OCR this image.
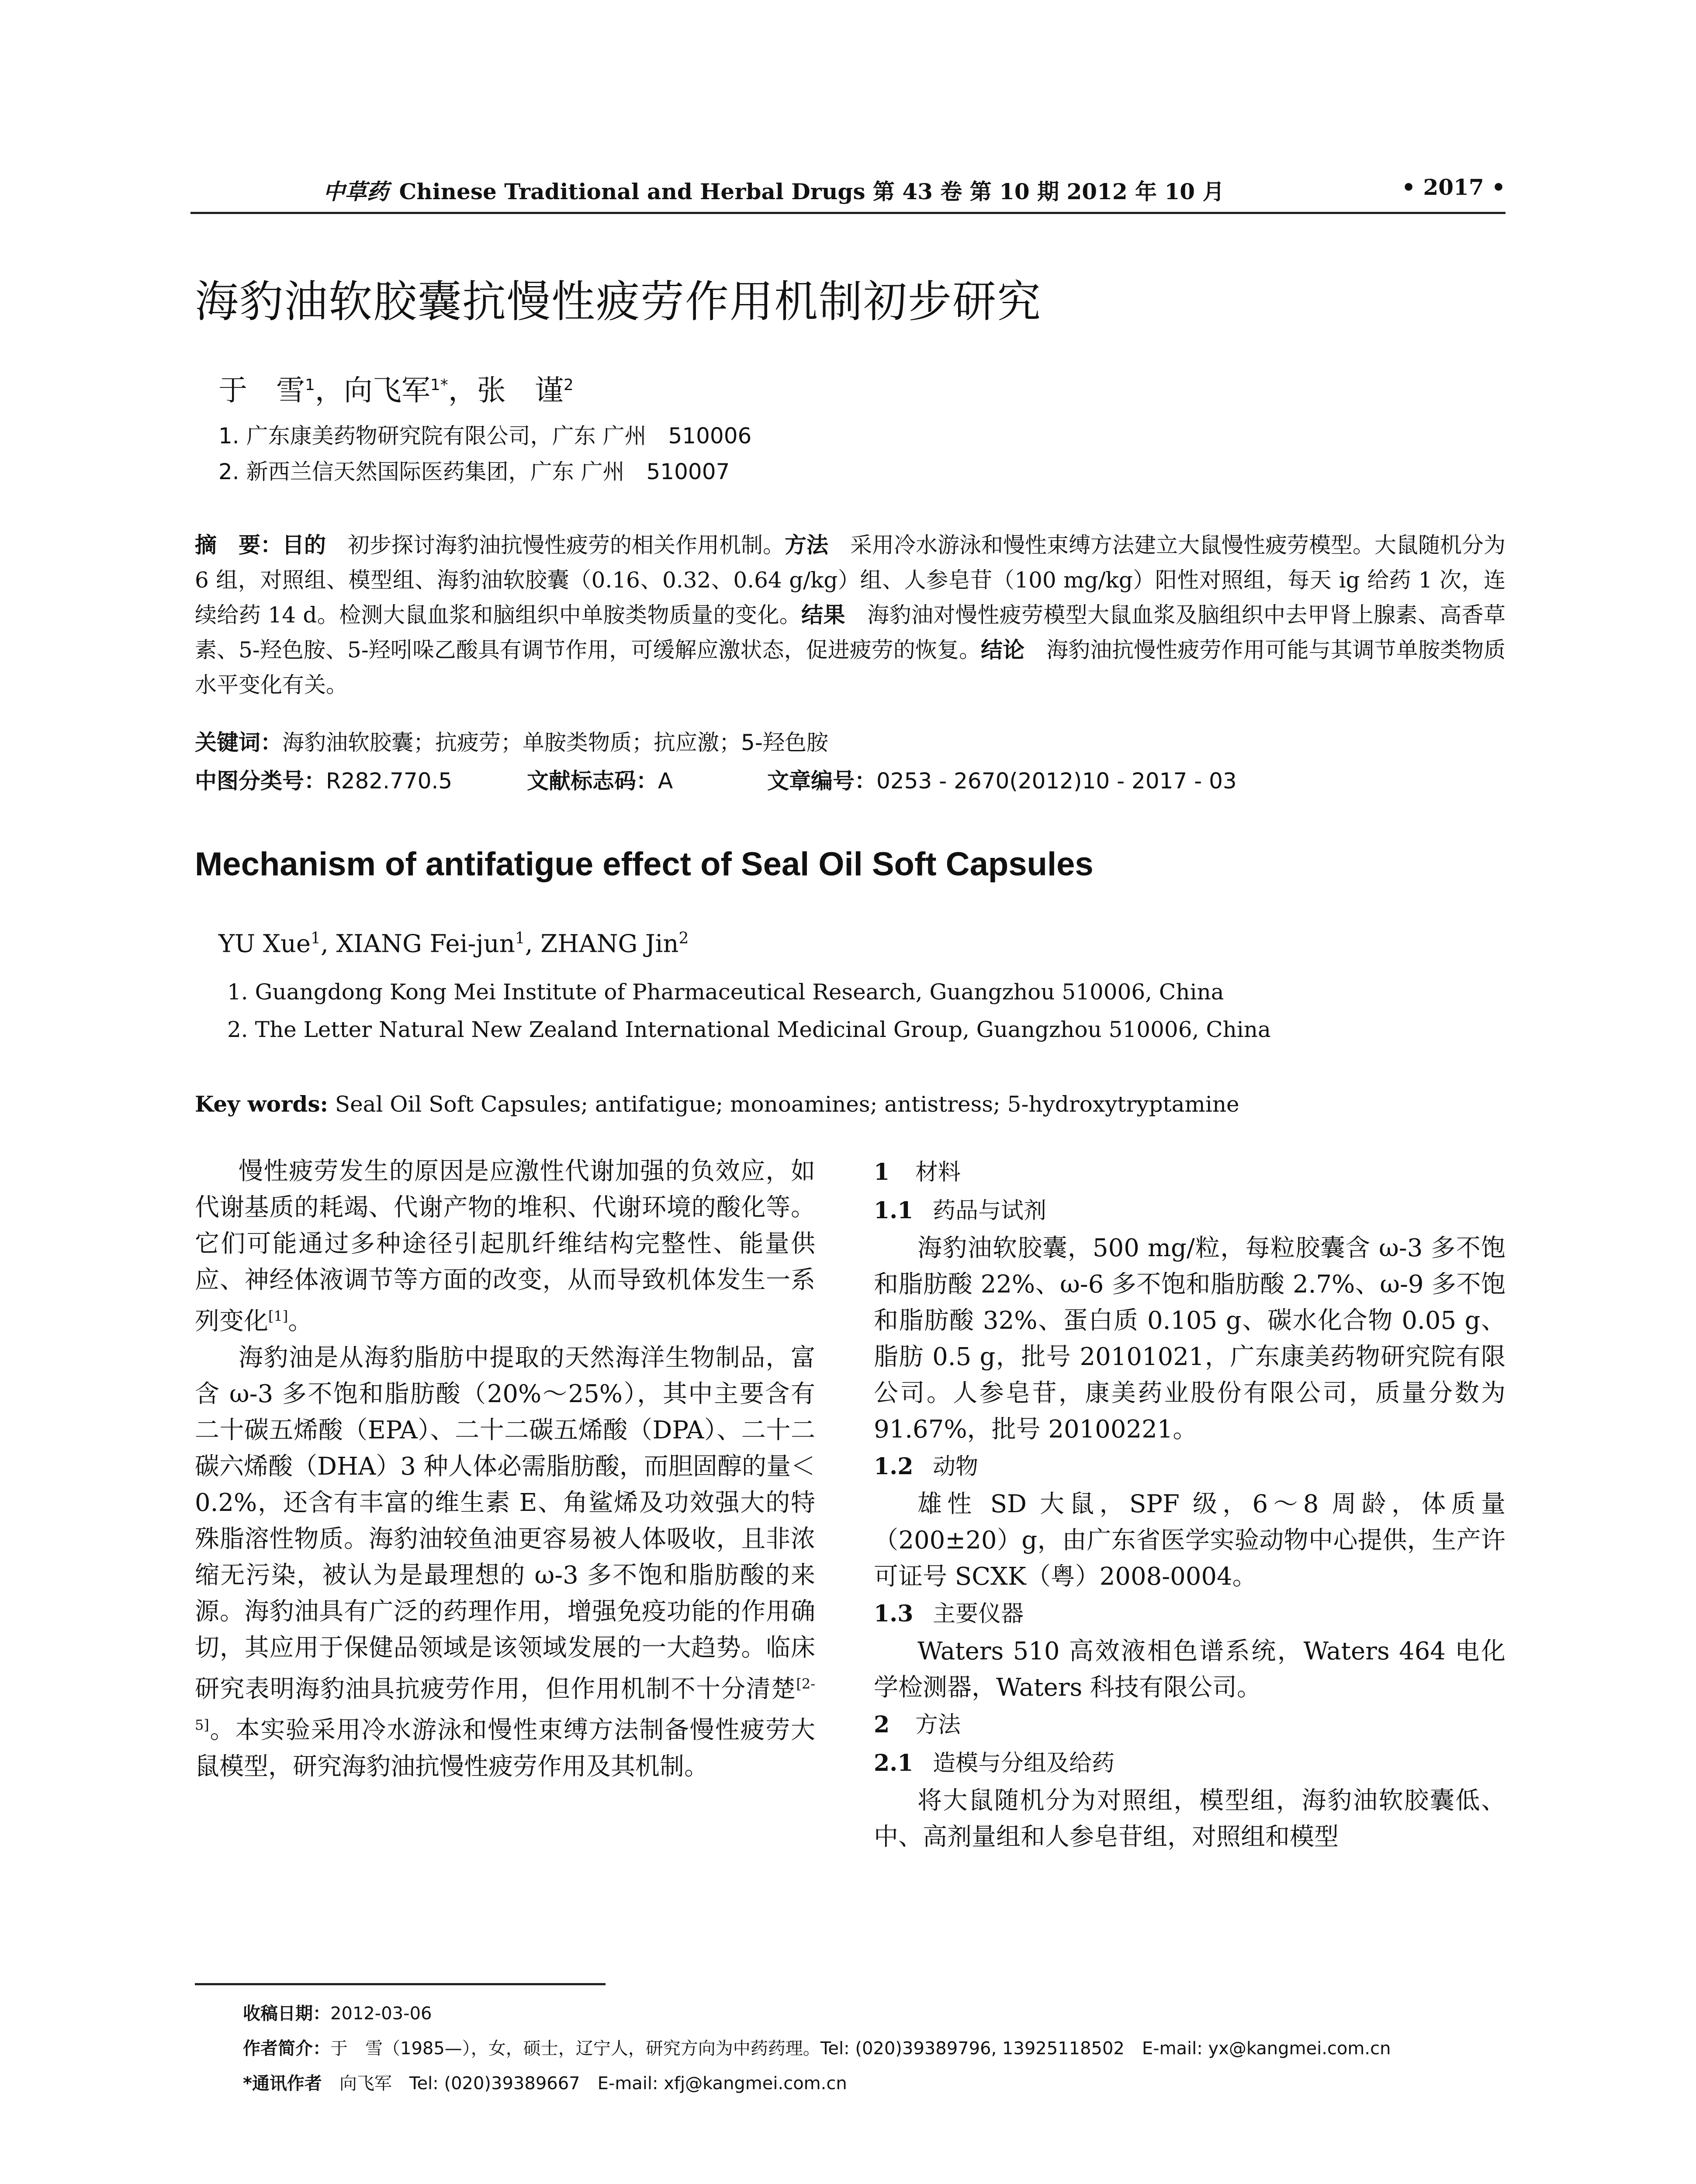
中草药 Chinese Traditional and Herbal Drugs 第 43 卷 第 10 期 2012 年 10 月	• 2017 •
海豹油软胶囊抗慢性疲劳作用机制初步研究
于　雪$^1$，向飞军$^{1*}$，张　谨$^2$
1. 广东康美药物研究院有限公司，广东 广州　510006
2. 新西兰信天然国际医药集团，广东 广州　510007
摘　要：目的　初步探讨海豹油抗慢性疲劳的相关作用机制。方法　采用冷水游泳和慢性束缚方法建立大鼠慢性疲劳模型。大鼠随机分为 6 组，对照组、模型组、海豹油软胶囊（0.16、0.32、0.64 g/kg）组、人参皂苷（100 mg/kg）阳性对照组，每天 ig 给药 1 次，连续给药 14 d。检测大鼠血浆和脑组织中单胺类物质量的变化。结果　海豹油对慢性疲劳模型大鼠血浆及脑组织中去甲肾上腺素、高香草素、5-羟色胺、5-羟吲哚乙酸具有调节作用，可缓解应激状态，促进疲劳的恢复。结论　海豹油抗慢性疲劳作用可能与其调节单胺类物质水平变化有关。
关键词：海豹油软胶囊；抗疲劳；单胺类物质；抗应激；5-羟色胺
中图分类号：R282.770.5	文献标志码：A	文章编号：0253 - 2670(2012)10 - 2017 - 03
Mechanism of antifatigue effect of Seal Oil Soft Capsules
YU Xue$^1$, XIANG Fei-jun$^1$, ZHANG Jin$^2$
1. Guangdong Kong Mei Institute of Pharmaceutical Research, Guangzhou 510006, China
2. The Letter Natural New Zealand International Medicinal Group, Guangzhou 510006, China
Key words: Seal Oil Soft Capsules; antifatigue; monoamines; antistress; 5-hydroxytryptamine

慢性疲劳发生的原因是应激性代谢加强的负效应，如代谢基质的耗竭、代谢产物的堆积、代谢环境的酸化等。它们可能通过多种途径引起肌纤维结构完整性、能量供应、神经体液调节等方面的改变，从而导致机体发生一系列变化[1]。

海豹油是从海豹脂肪中提取的天然海洋生物制品，富含 ω-3 多不饱和脂肪酸（20%～25%），其中主要含有二十碳五烯酸（EPA）、二十二碳五烯酸（DPA）、二十二碳六烯酸（DHA）3 种人体必需脂肪酸，而胆固醇的量＜0.2%，还含有丰富的维生素 E、角鲨烯及功效强大的特殊脂溶性物质。海豹油较鱼油更容易被人体吸收，且非浓缩无污染，被认为是最理想的 ω-3 多不饱和脂肪酸的来源。海豹油具有广泛的药理作用，增强免疫功能的作用确切，其应用于保健品领域是该领域发展的一大趋势。临床研究表明海豹油具抗疲劳作用，但作用机制不十分清楚[2-5]。本实验采用冷水游泳和慢性束缚方法制备慢性疲劳大鼠模型，研究海豹油抗慢性疲劳作用及其机制。

1 材料

1.1 药品与试剂

海豹油软胶囊，500 mg/粒，每粒胶囊含 ω-3 多不饱和脂肪酸 22%、ω-6 多不饱和脂肪酸 2.7%、ω-9 多不饱和脂肪酸 32%、蛋白质 0.105 g、碳水化合物 0.05 g、脂肪 0.5 g，批号 20101021，广东康美药物研究院有限公司。人参皂苷，康美药业股份有限公司，质量分数为 91.67%，批号 20100221。

1.2 动物

雄性 SD 大鼠，SPF 级，6～8 周龄，体质量（200±20）g，由广东省医学实验动物中心提供，生产许可证号 SCXK（粤）2008-0004。

1.3 主要仪器

Waters 510 高效液相色谱系统，Waters 464 电化学检测器，Waters 科技有限公司。

2 方法

2.1 造模与分组及给药

将大鼠随机分为对照组，模型组，海豹油软胶囊低、中、高剂量组和人参皂苷组，对照组和模型

收稿日期：2012-03-06
作者简介：于　雪（1985—），女，硕士，辽宁人，研究方向为中药药理。Tel: (020)39389796, 13925118502　E-mail: yx@kangmei.com.cn
*通讯作者　向飞军　Tel: (020)39389667　E-mail: xfj@kangmei.com.cn
